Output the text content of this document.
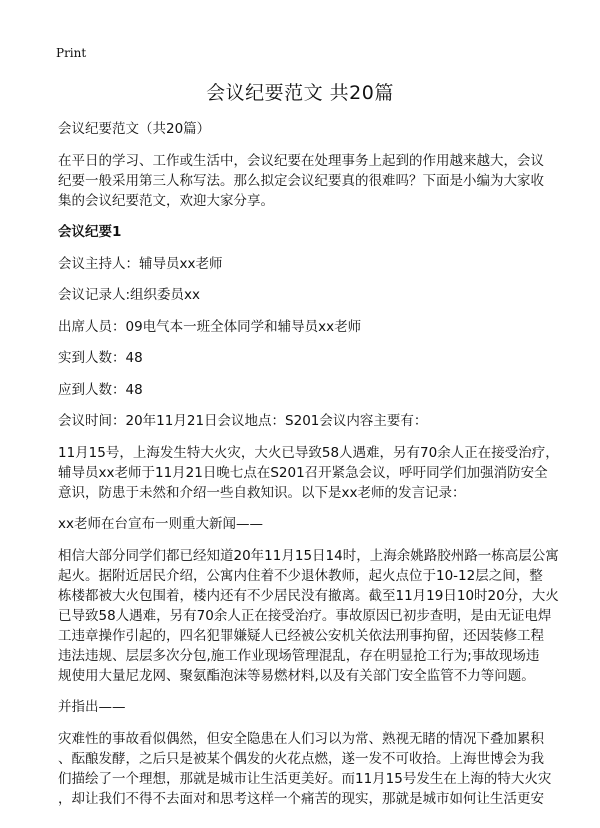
Print
会议纪要范文 共20篇
会议纪要范文（共20篇）
在平日的学习、工作或生活中，会议纪要在处理事务上起到的作用越来越大，会议
纪要一般采用第三人称写法。那么拟定会议纪要真的很难吗？下面是小编为大家收
集的会议纪要范文，欢迎大家分享。
会议纪要1
会议主持人：辅导员xx老师
会议记录人:组织委员xx
出席人员：09电气本一班全体同学和辅导员xx老师
实到人数：48
应到人数：48
会议时间：20年11月21日会议地点：S201会议内容主要有：
11月15号，上海发生特大火灾，大火已导致58人遇难，另有70余人正在接受治疗，
辅导员xx老师于11月21日晚七点在S201召开紧急会议，呼吁同学们加强消防安全
意识，防患于未然和介绍一些自救知识。以下是xx老师的发言记录：
xx老师在台宣布一则重大新闻——
相信大部分同学们都已经知道20年11月15日14时，上海余姚路胶州路一栋高层公寓
起火。据附近居民介绍，公寓内住着不少退休教师，起火点位于10-12层之间，整
栋楼都被大火包围着，楼内还有不少居民没有撤离。截至11月19日10时20分，大火
已导致58人遇难，另有70余人正在接受治疗。事故原因已初步查明，是由无证电焊
工违章操作引起的，四名犯罪嫌疑人已经被公安机关依法刑事拘留，还因装修工程
违法违规、层层多次分包,施工作业现场管理混乱，存在明显抢工行为;事故现场违
规使用大量尼龙网、聚氨酯泡沫等易燃材料,以及有关部门安全监管不力等问题。
并指出——
灾难性的事故看似偶然，但安全隐患在人们习以为常、熟视无睹的情况下叠加累积
、酝酿发酵，之后只是被某个偶发的火花点燃，遂一发不可收拾。上海世博会为我
们描绘了一个理想，那就是城市让生活更美好。而11月15号发生在上海的特大火灾
，却让我们不得不去面对和思考这样一个痛苦的现实，那就是城市如何让生活更安
